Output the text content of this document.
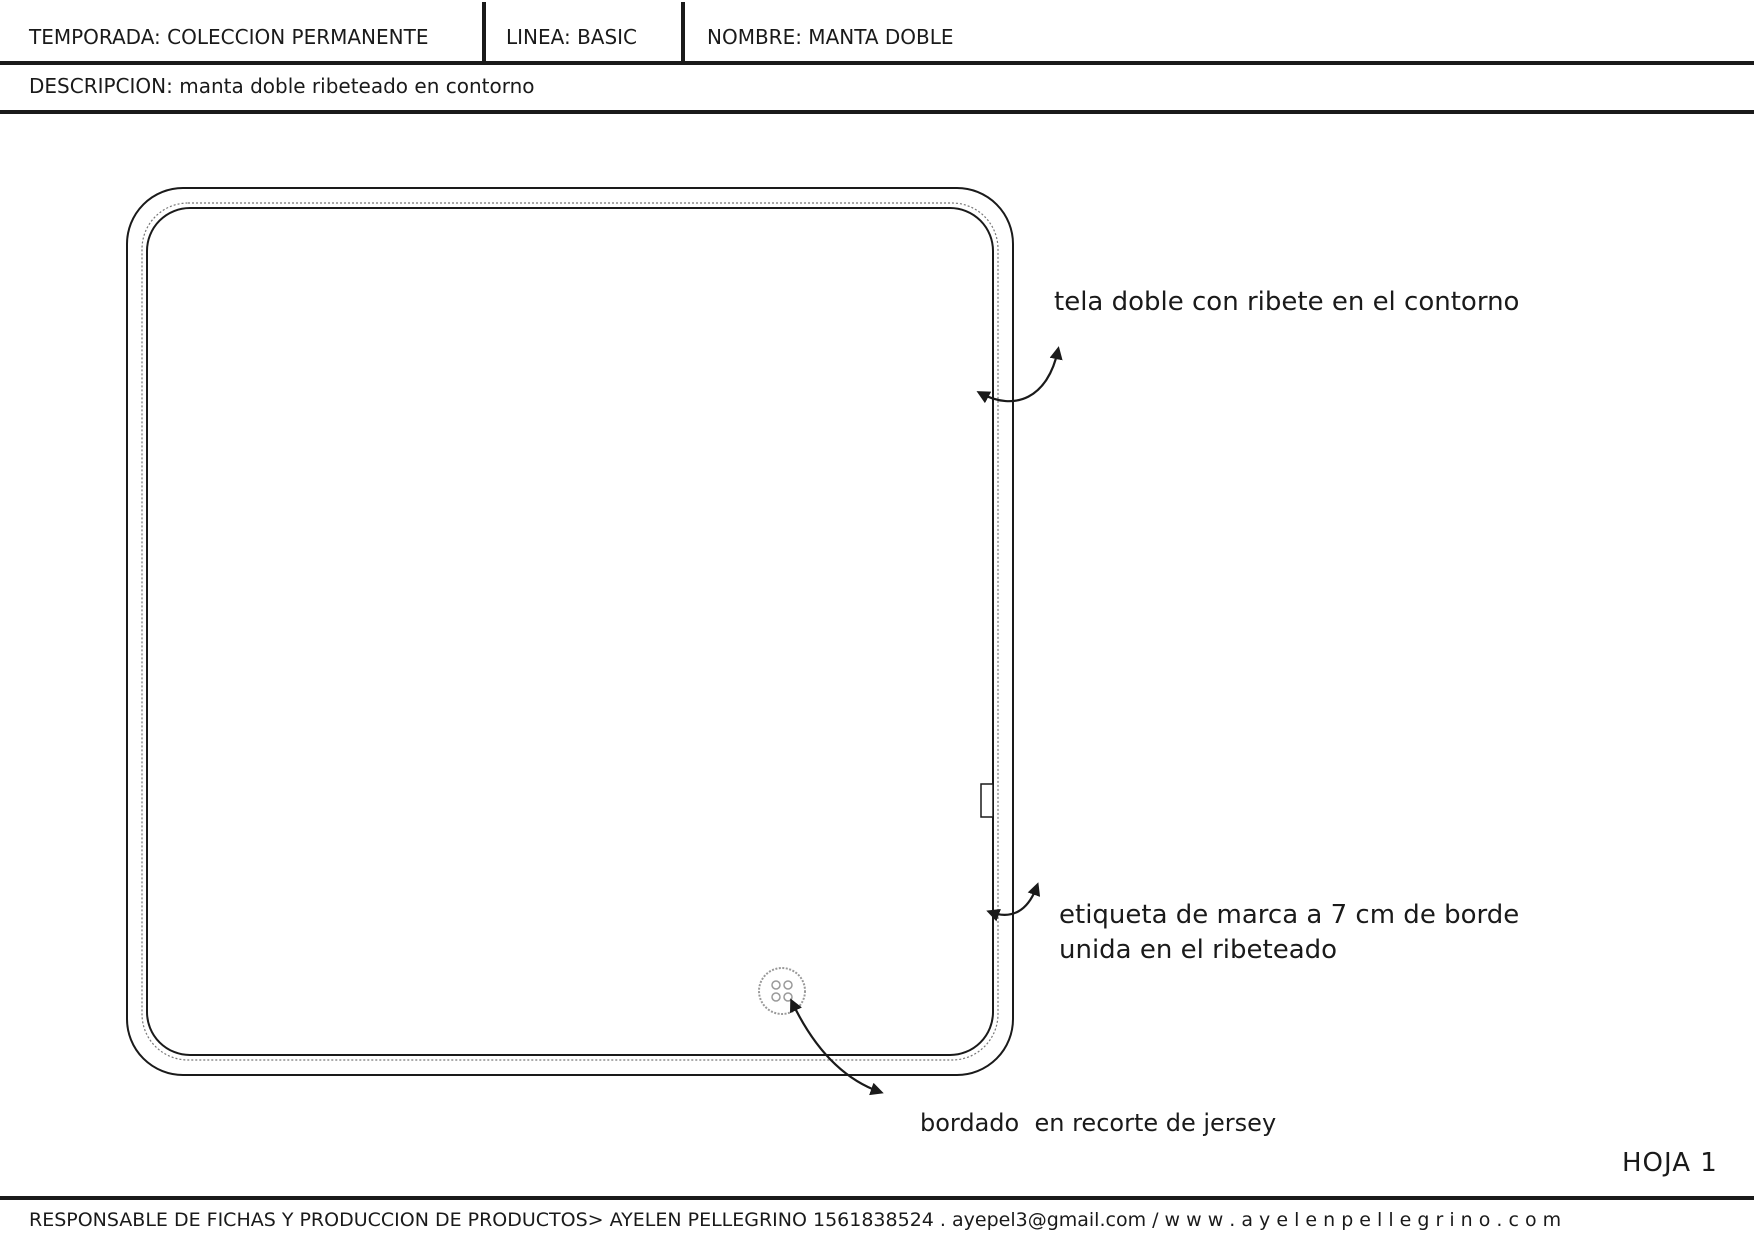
TEMPORADA: COLECCION PERMANENTE	LINEA: BASIC	NOMBRE: MANTA DOBLE
DESCRIPCION: manta doble ribeteado en contorno
tela doble con ribete en el contorno
etiqueta de marca a 7 cm de borde
unida en el ribeteado
bordado  en recorte de jersey
HOJA 1
RESPONSABLE DE FICHAS Y PRODUCCION DE PRODUCTOS> AYELEN PELLEGRINO 1561838524 . ayepel3@gmail.com / w w w . a y e l e n p e l l e g r i n o . c o m
